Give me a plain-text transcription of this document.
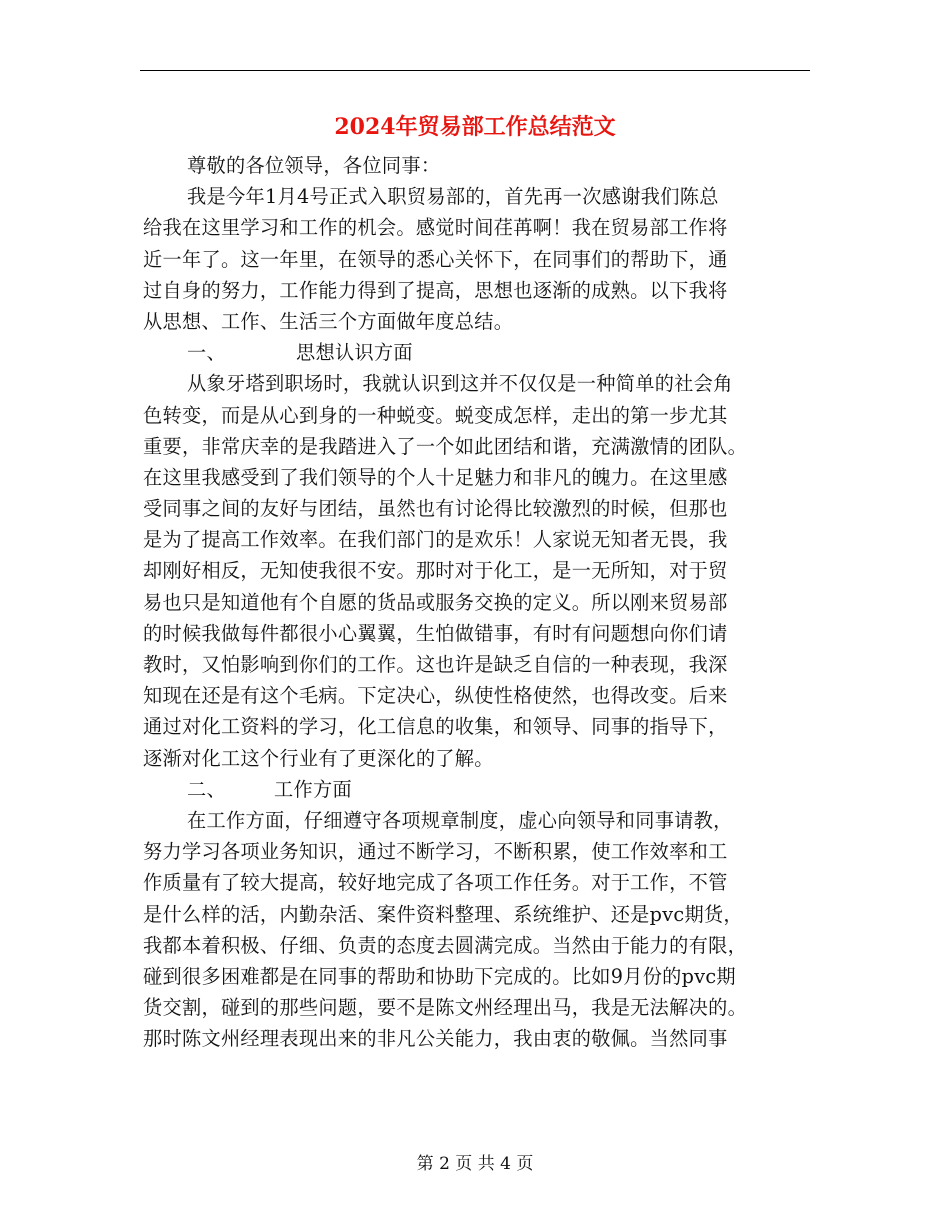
2024年贸易部工作总结范文
尊敬的各位领导，各位同事：
我是今年1月4号正式入职贸易部的，首先再一次感谢我们陈总
给我在这里学习和工作的机会。感觉时间荏苒啊！我在贸易部工作将
近一年了。这一年里，在领导的悉心关怀下，在同事们的帮助下，通
过自身的努力，工作能力得到了提高，思想也逐渐的成熟。以下我将
从思想、工作、生活三个方面做年度总结。
一、	思想认识方面
从象牙塔到职场时，我就认识到这并不仅仅是一种简单的社会角
色转变，而是从心到身的一种蜕变。蜕变成怎样，走出的第一步尤其
重要，非常庆幸的是我踏进入了一个如此团结和谐，充满激情的团队。
在这里我感受到了我们领导的个人十足魅力和非凡的魄力。在这里感
受同事之间的友好与团结，虽然也有讨论得比较激烈的时候，但那也
是为了提高工作效率。在我们部门的是欢乐！人家说无知者无畏，我
却刚好相反，无知使我很不安。那时对于化工，是一无所知，对于贸
易也只是知道他有个自愿的货品或服务交换的定义。所以刚来贸易部
的时候我做每件都很小心翼翼，生怕做错事，有时有问题想向你们请
教时，又怕影响到你们的工作。这也许是缺乏自信的一种表现，我深
知现在还是有这个毛病。下定决心，纵使性格使然，也得改变。后来
通过对化工资料的学习，化工信息的收集，和领导、同事的指导下，
逐渐对化工这个行业有了更深化的了解。
二、	工作方面
在工作方面，仔细遵守各项规章制度，虚心向领导和同事请教，
努力学习各项业务知识，通过不断学习，不断积累，使工作效率和工
作质量有了较大提高，较好地完成了各项工作任务。对于工作，不管
是什么样的活，内勤杂活、案件资料整理、系统维护、还是pvc期货，
我都本着积极、仔细、负责的态度去圆满完成。当然由于能力的有限，
碰到很多困难都是在同事的帮助和协助下完成的。比如9月份的pvc期
货交割，碰到的那些问题，要不是陈文州经理出马，我是无法解决的。
那时陈文州经理表现出来的非凡公关能力，我由衷的敬佩。当然同事
第 2 页 共 4 页
